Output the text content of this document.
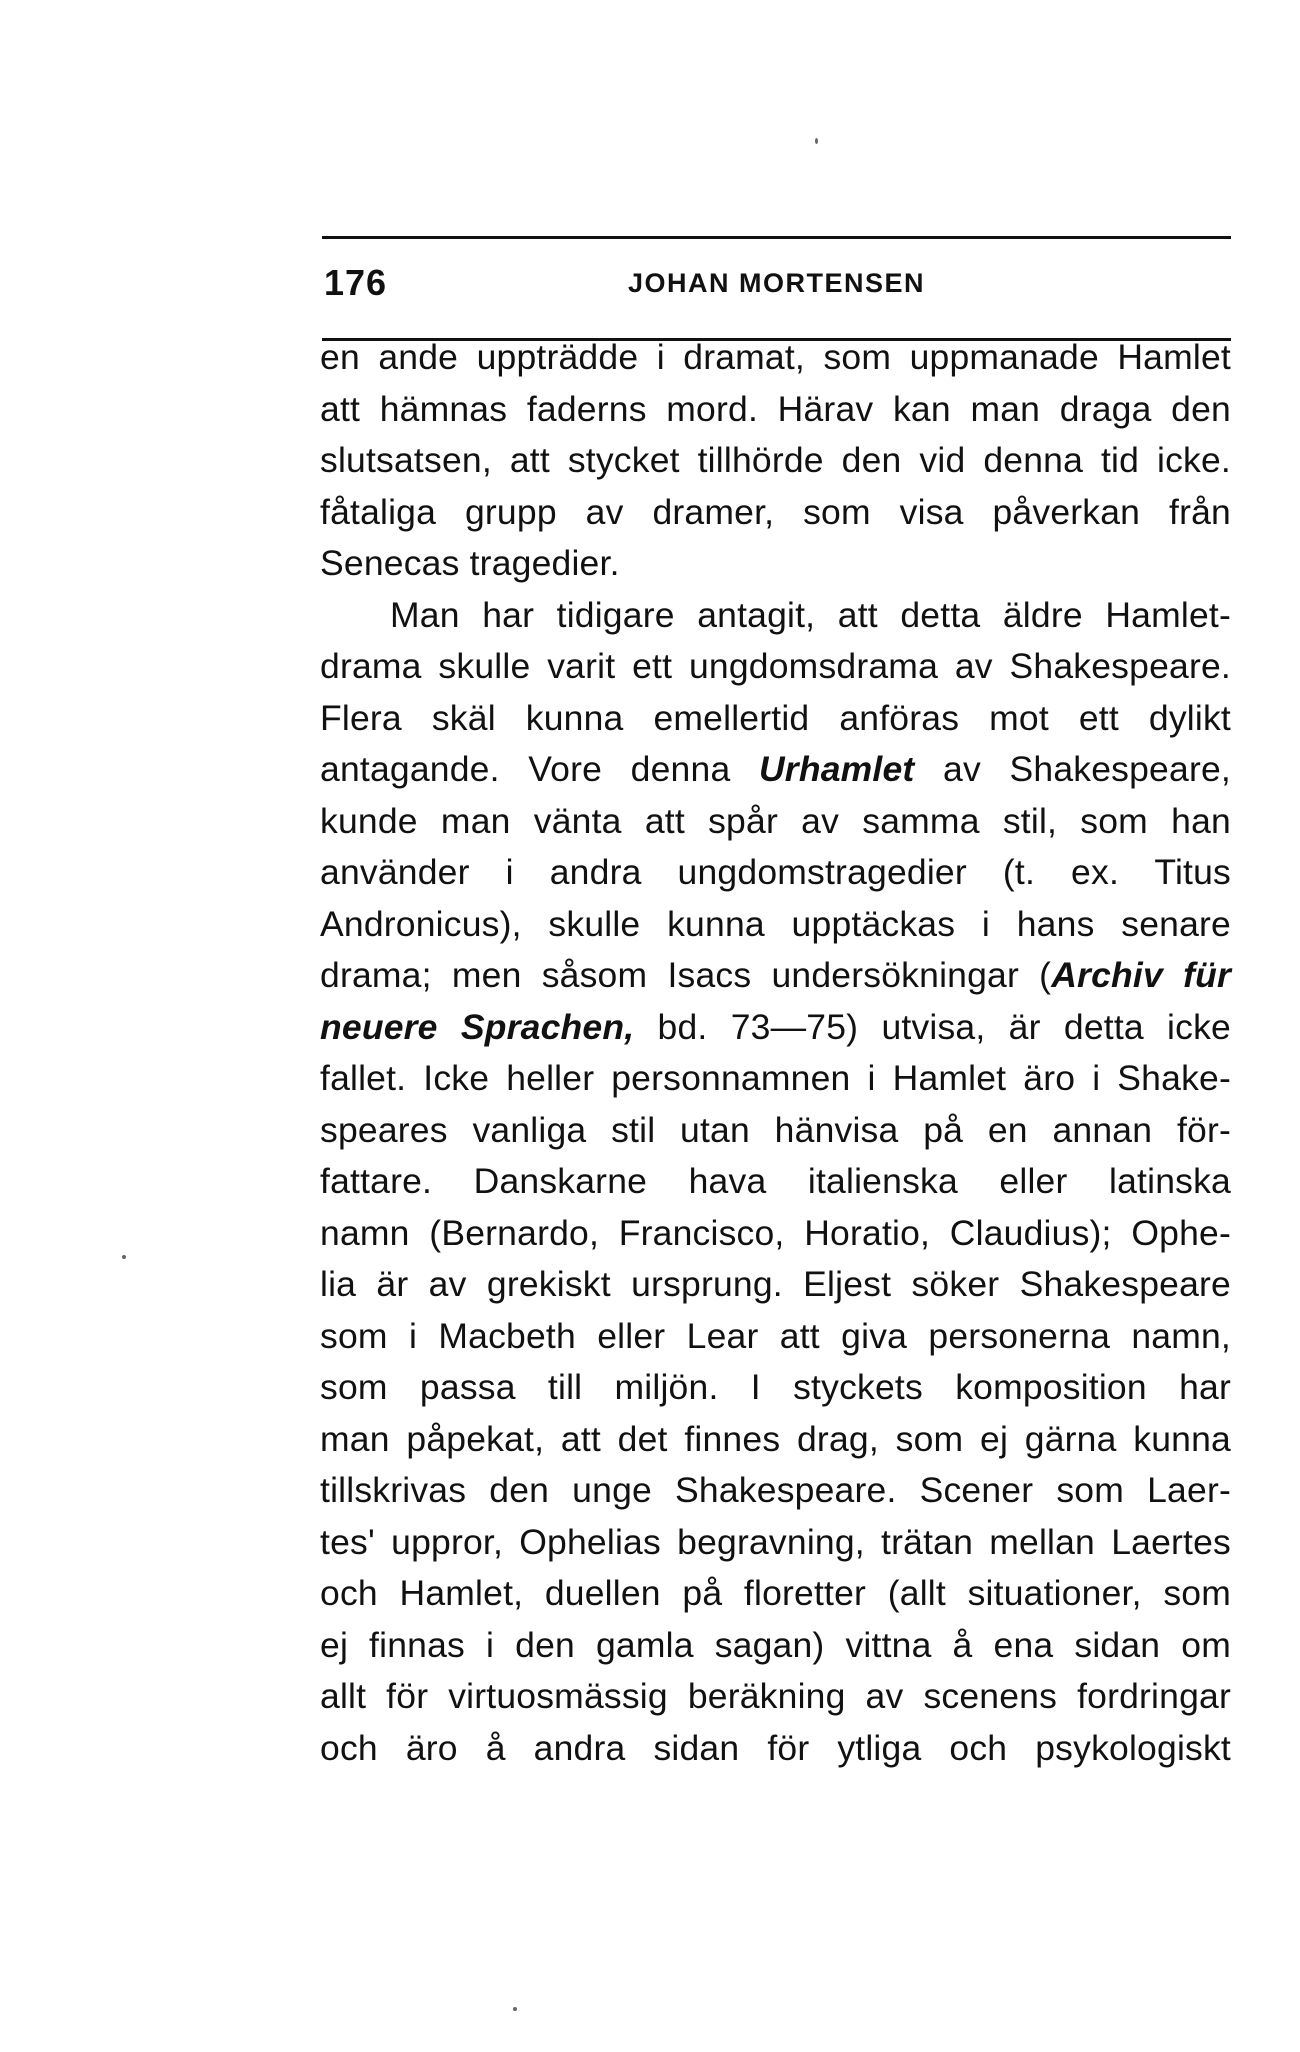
176	JOHAN MORTENSEN
en ande uppträdde i dramat, som uppmanade Hamlet
att hämnas faderns mord. Härav kan man draga den
slutsatsen, att stycket tillhörde den vid denna tid icke.
fåtaliga grupp av dramer, som visa påverkan från
Senecas tragedier.
Man har tidigare antagit, att detta äldre Hamlet-
drama skulle varit ett ungdomsdrama av Shakespeare.
Flera skäl kunna emellertid anföras mot ett dylikt
antagande. Vore denna Urhamlet av Shakespeare,
kunde man vänta att spår av samma stil, som han
använder i andra ungdomstragedier (t. ex. Titus
Andronicus), skulle kunna upptäckas i hans senare
drama; men såsom Isacs undersökningar (Archiv für
neuere Sprachen, bd. 73—75) utvisa, är detta icke
fallet. Icke heller personnamnen i Hamlet äro i Shake-
speares vanliga stil utan hänvisa på en annan för-
fattare. Danskarne hava italienska eller latinska
namn (Bernardo, Francisco, Horatio, Claudius); Ophe-
lia är av grekiskt ursprung. Eljest söker Shakespeare
som i Macbeth eller Lear att giva personerna namn,
som passa till miljön. I styckets komposition har
man påpekat, att det finnes drag, som ej gärna kunna
tillskrivas den unge Shakespeare. Scener som Laer-
tes' uppror, Ophelias begravning, trätan mellan Laertes
och Hamlet, duellen på floretter (allt situationer, som
ej finnas i den gamla sagan) vittna å ena sidan om
allt för virtuosmässig beräkning av scenens fordringar
och äro å andra sidan för ytliga och psykologiskt
